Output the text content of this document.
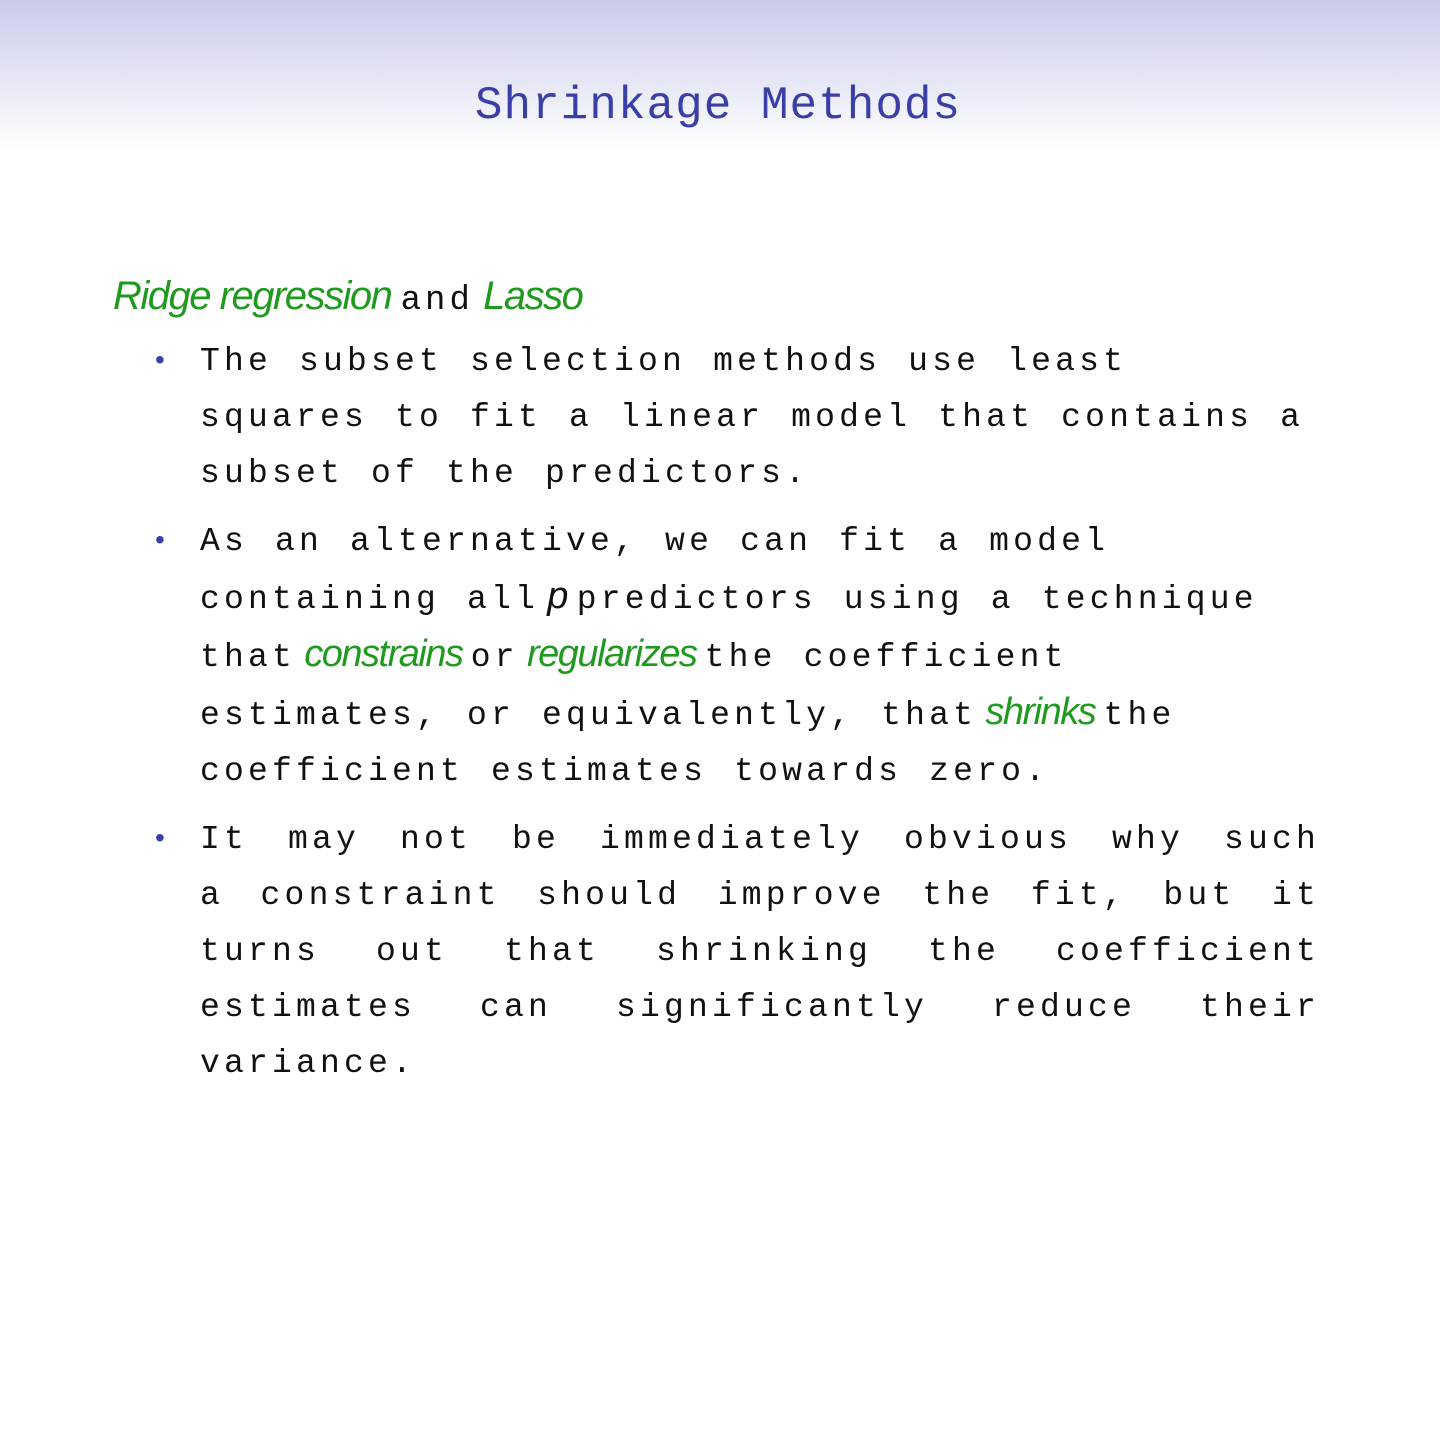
Shrinkage Methods
Ridge regression and Lasso
•	The subset selection methods use least squares to fit a linear model that contains a subset of the predictors.
•	As an alternative, we can fit a model containing all p predictors using a technique that constrains or regularizes the coefficient estimates, or equivalently, that shrinks the coefficient estimates towards zero.
•	It may not be immediately obvious why such a constraint should improve the fit, but it turns out that shrinking the coefficient estimates can significantly reduce their variance.
